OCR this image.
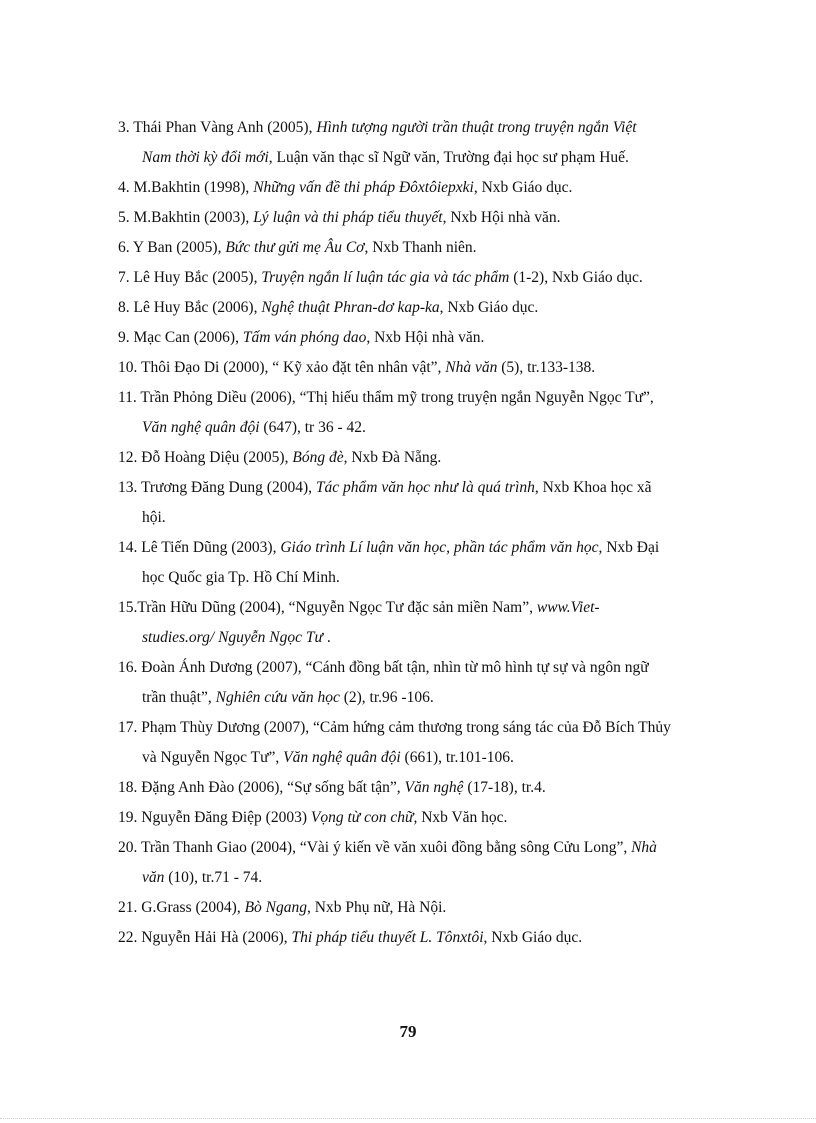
3. Thái Phan Vàng Anh (2005), Hình tượng người trần thuật trong truyện ngắn Việt
Nam thời kỳ đổi mới, Luận văn thạc sĩ Ngữ văn, Trường đại học sư phạm Huế.

4. M.Bakhtin (1998), Những vấn đề thi pháp Đôxtôiepxki, Nxb Giáo dục.

5. M.Bakhtin (2003), Lý luận và thi pháp tiểu thuyết, Nxb Hội nhà văn.

6. Y Ban (2005), Bức thư gửi mẹ Âu Cơ, Nxb Thanh niên.

7. Lê Huy Bắc (2005), Truyện ngắn lí luận tác gia và tác phẩm (1-2), Nxb Giáo dục.

8. Lê Huy Bắc (2006), Nghệ thuật Phran-dơ kap-ka, Nxb Giáo dục.

9. Mạc Can (2006), Tấm ván phóng dao, Nxb Hội nhà văn.

10. Thôi Đạo Di (2000), “ Kỹ xảo đặt tên nhân vật”, Nhà văn (5), tr.133-138.

11. Trần Phỏng Diều (2006), “Thị hiếu thẩm mỹ trong truyện ngắn Nguyễn Ngọc Tư”,
Văn nghệ quân đội (647), tr 36 - 42.

12. Đỗ Hoàng Diệu (2005), Bóng đè, Nxb Đà Nẵng.

13. Trương Đăng Dung (2004), Tác phẩm văn học như là quá trình, Nxb Khoa học xã
hội.

14. Lê Tiến Dũng (2003), Giáo trình Lí luận văn học, phần tác phẩm văn học, Nxb Đại
học Quốc gia Tp. Hồ Chí Minh.

15.Trần Hữu Dũng (2004), “Nguyễn Ngọc Tư đặc sản miền Nam”, www.Viet-
studies.org/ Nguyễn Ngọc Tư .

16. Đoàn Ánh Dương (2007), “Cánh đồng bất tận, nhìn từ mô hình tự sự và ngôn ngữ
trần thuật”, Nghiên cứu văn học (2), tr.96 -106.

17. Phạm Thùy Dương (2007), “Cảm hứng cảm thương trong sáng tác của Đỗ Bích Thủy
và Nguyễn Ngọc Tư”, Văn nghệ quân đội (661), tr.101-106.

18. Đặng Anh Đào (2006), “Sự sống bất tận”, Văn nghệ (17-18), tr.4.

19. Nguyễn Đăng Điệp (2003) Vọng từ con chữ, Nxb Văn học.

20. Trần Thanh Giao (2004), “Vài ý kiến về văn xuôi đồng bằng sông Cửu Long”, Nhà
văn (10), tr.71 - 74.

21. G.Grass (2004), Bò Ngang, Nxb Phụ nữ, Hà Nội.

22. Nguyễn Hải Hà (2006), Thi pháp tiểu thuyết L. Tônxtôi, Nxb Giáo dục.

79
